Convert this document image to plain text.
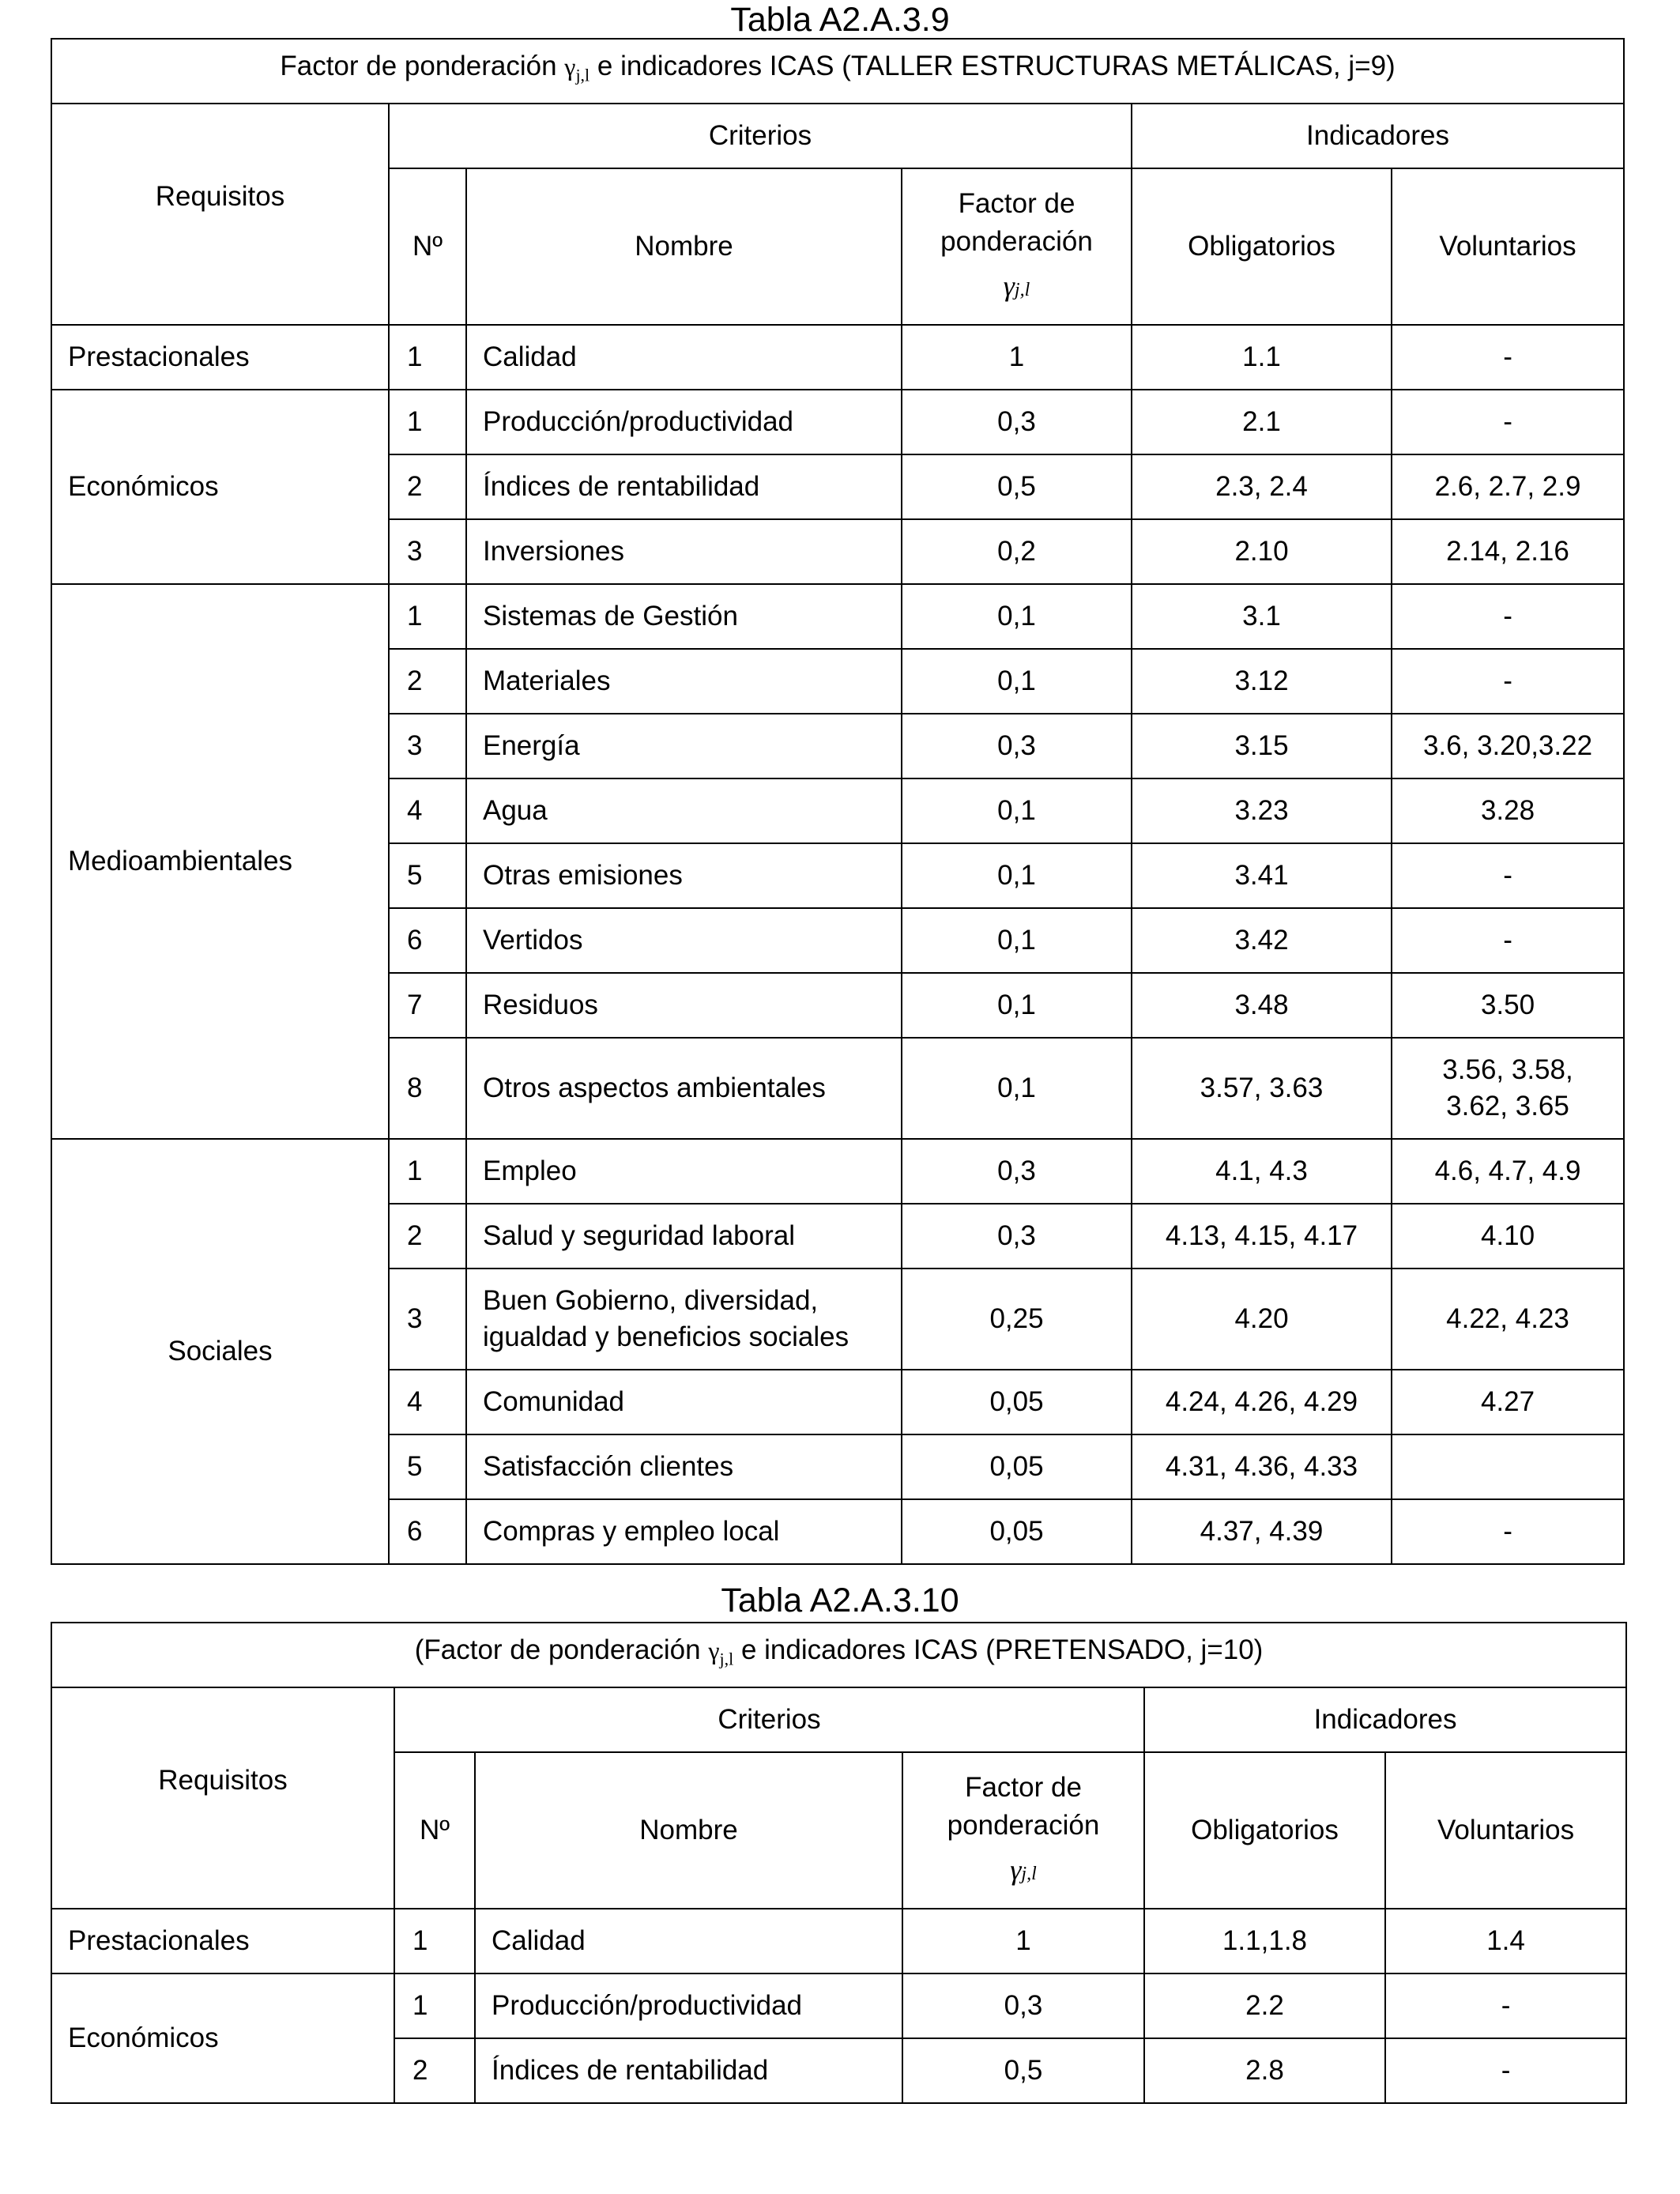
Tabla A2.A.3.9
Factor de ponderación $\gamma_{j,l}$ e indicadores ICAS (TALLER ESTRUCTURAS METÁLICAS, j=9)					
Requisitos	Criterios			Indicadores	
	Nº	Nombre	Factor de
ponderación
γj,l	Obligatorios	Voluntarios
Prestacionales	1	Calidad	1	1.1	-
Económicos	1	Producción/productividad	0,3	2.1	-
	2	Índices de rentabilidad	0,5	2.3, 2.4	2.6, 2.7, 2.9
	3	Inversiones	0,2	2.10	2.14, 2.16
Medioambientales	1	Sistemas de Gestión	0,1	3.1	-
	2	Materiales	0,1	3.12	-
	3	Energía	0,3	3.15	3.6, 3.20,3.22
	4	Agua	0,1	3.23	3.28
	5	Otras emisiones	0,1	3.41	-
	6	Vertidos	0,1	3.42	-
	7	Residuos	0,1	3.48	3.50
	8	Otros aspectos ambientales	0,1	3.57, 3.63	3.56, 3.58,
3.62, 3.65
Sociales	1	Empleo	0,3	4.1, 4.3	4.6, 4.7, 4.9
	2	Salud y seguridad laboral	0,3	4.13, 4.15, 4.17	4.10
	3	Buen Gobierno, diversidad,
igualdad y beneficios sociales	0,25	4.20	4.22, 4.23
	4	Comunidad	0,05	4.24, 4.26, 4.29	4.27
	5	Satisfacción clientes	0,05	4.31, 4.36, 4.33	
	6	Compras y empleo local	0,05	4.37, 4.39	-
Tabla A2.A.3.10
(Factor de ponderación $\gamma_{j,l}$ e indicadores ICAS (PRETENSADO, j=10)					
Requisitos	Criterios			Indicadores	
	Nº	Nombre	Factor de
ponderación
γj,l	Obligatorios	Voluntarios
Prestacionales	1	Calidad	1	1.1,1.8	1.4
Económicos	1	Producción/productividad	0,3	2.2	-
	2	Índices de rentabilidad	0,5	2.8	-
